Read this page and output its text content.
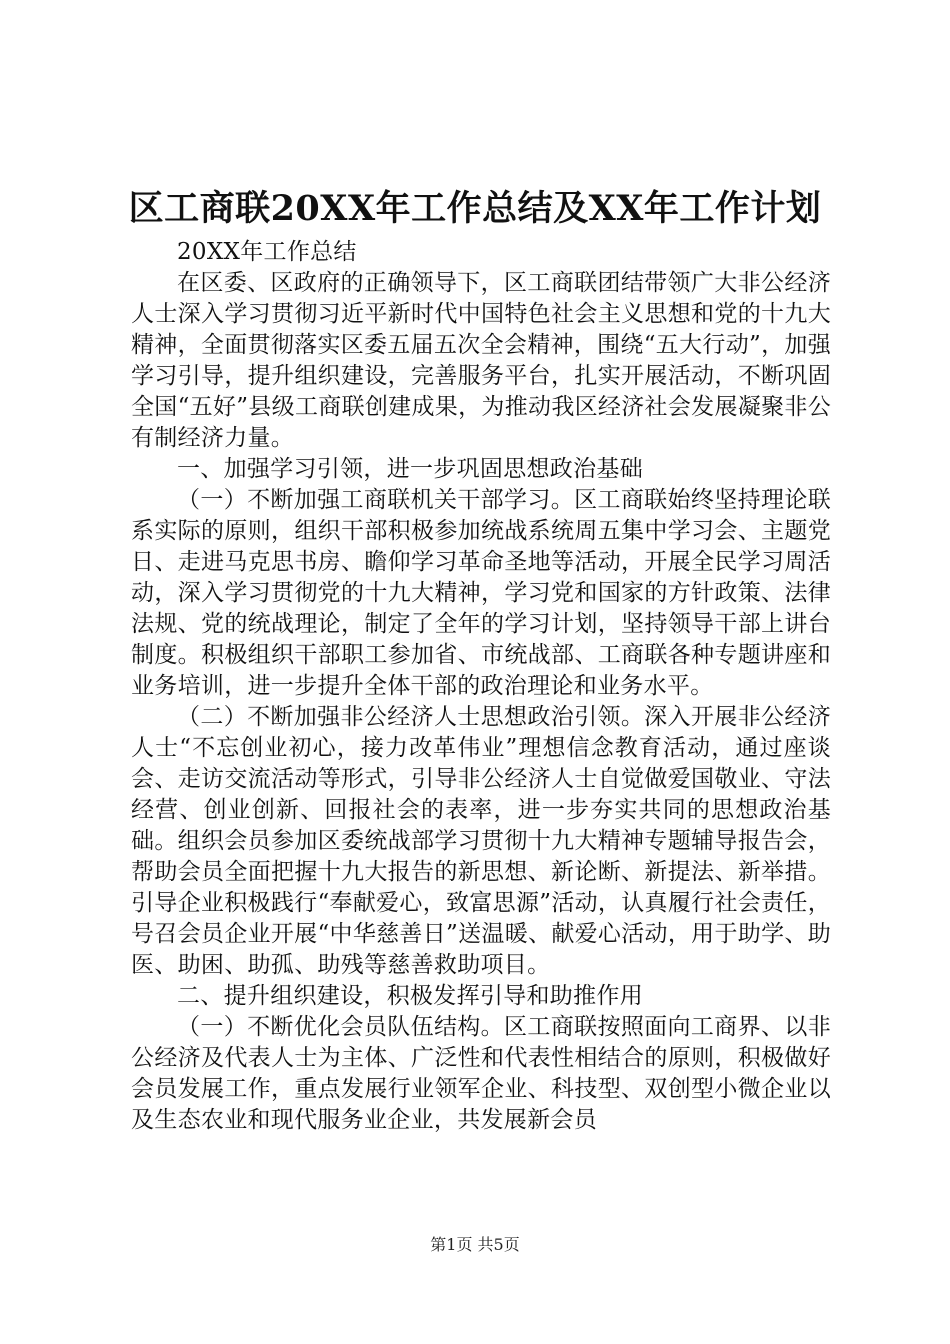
区工商联20XX年工作总结及XX年工作计划

20XX年工作总结

在区委、区政府的正确领导下，区工商联团结带领广大非公经济人士深入学习贯彻习近平新时代中国特色社会主义思想和党的十九大精神，全面贯彻落实区委五届五次全会精神，围绕“五大行动”，加强学习引导，提升组织建设，完善服务平台，扎实开展活动，不断巩固全国“五好”县级工商联创建成果，为推动我区经济社会发展凝聚非公有制经济力量。

一、加强学习引领，进一步巩固思想政治基础

（一）不断加强工商联机关干部学习。区工商联始终坚持理论联系实际的原则，组织干部积极参加统战系统周五集中学习会、主题党日、走进马克思书房、瞻仰学习革命圣地等活动，开展全民学习周活动，深入学习贯彻党的十九大精神，学习党和国家的方针政策、法律法规、党的统战理论，制定了全年的学习计划，坚持领导干部上讲台制度。积极组织干部职工参加省、市统战部、工商联各种专题讲座和业务培训，进一步提升全体干部的政治理论和业务水平。

（二）不断加强非公经济人士思想政治引领。深入开展非公经济人士“不忘创业初心，接力改革伟业”理想信念教育活动，通过座谈会、走访交流活动等形式，引导非公经济人士自觉做爱国敬业、守法经营、创业创新、回报社会的表率，进一步夯实共同的思想政治基础。组织会员参加区委统战部学习贯彻十九大精神专题辅导报告会，帮助会员全面把握十九大报告的新思想、新论断、新提法、新举措。引导企业积极践行“奉献爱心，致富思源”活动，认真履行社会责任，号召会员企业开展“中华慈善日”送温暖、献爱心活动，用于助学、助医、助困、助孤、助残等慈善救助项目。

二、提升组织建设，积极发挥引导和助推作用

（一）不断优化会员队伍结构。区工商联按照面向工商界、以非公经济及代表人士为主体、广泛性和代表性相结合的原则，积极做好会员发展工作，重点发展行业领军企业、科技型、双创型小微企业以及生态农业和现代服务业企业，共发展新会员

第1页 共5页
